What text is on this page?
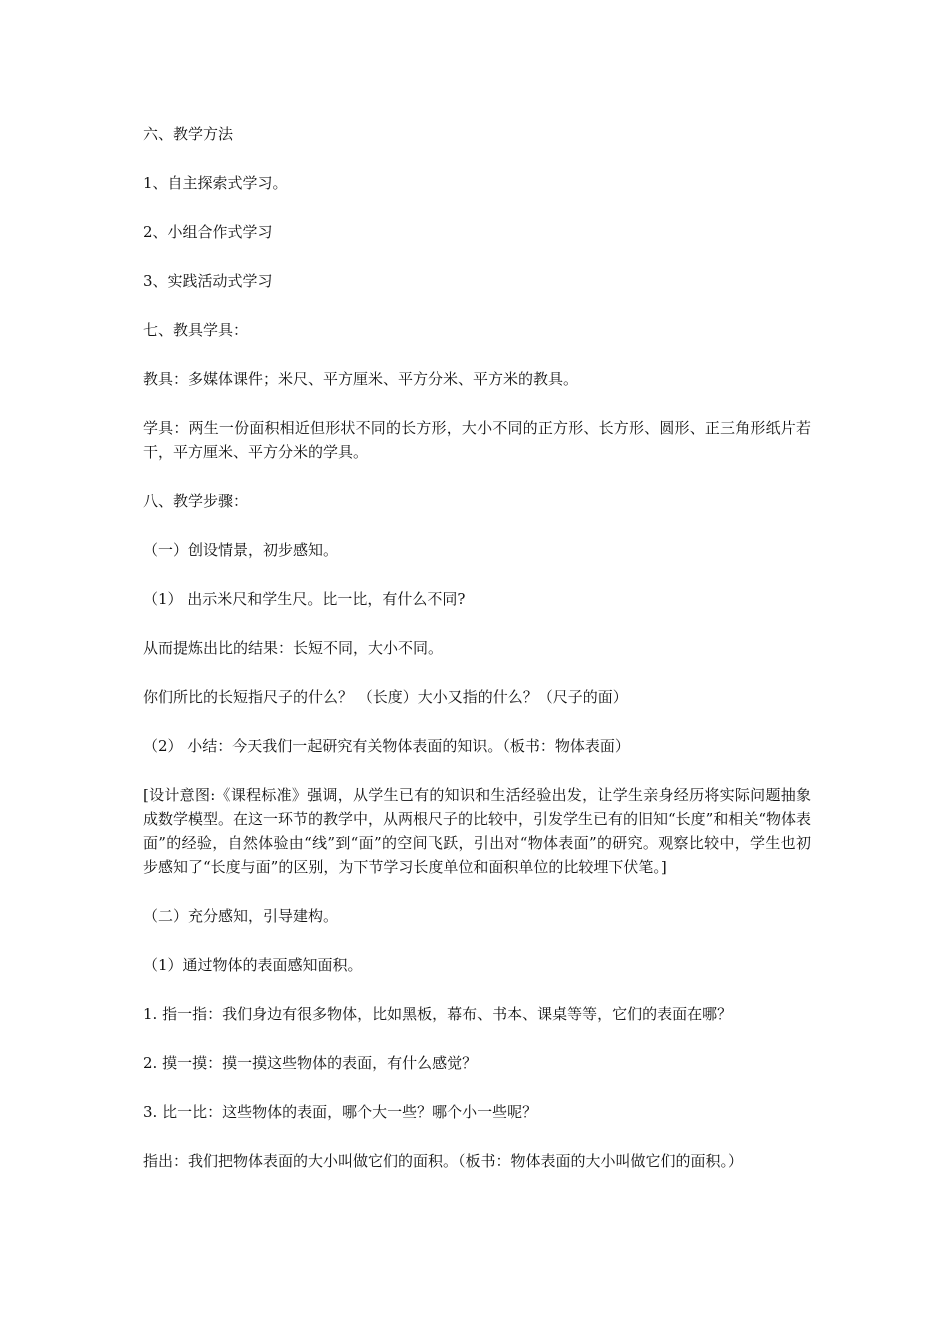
六、教学方法

1、自主探索式学习。

2、小组合作式学习

3、实践活动式学习

七、教具学具：

教具：多媒体课件；米尺、平方厘米、平方分米、平方米的教具。

学具：两生一份面积相近但形状不同的长方形，大小不同的正方形、长方形、圆形、正三角形纸片若干，平方厘米、平方分米的学具。

八、教学步骤：

（一）创设情景，初步感知。

（1） 出示米尺和学生尺。比一比，有什么不同?

从而提炼出比的结果：长短不同，大小不同。

你们所比的长短指尺子的什么？ （长度）大小又指的什么？（尺子的面）

（2） 小结：今天我们一起研究有关物体表面的知识。（板书：物体表面）

[设计意图:《课程标准》强调，从学生已有的知识和生活经验出发，让学生亲身经历将实际问题抽象成数学模型。在这一环节的教学中，从两根尺子的比较中，引发学生已有的旧知“长度”和相关“物体表面”的经验，自然体验由“线”到“面”的空间飞跃，引出对“物体表面”的研究。观察比较中，学生也初步感知了“长度与面”的区别，为下节学习长度单位和面积单位的比较埋下伏笔。]

（二）充分感知，引导建构。

（1）通过物体的表面感知面积。

1. 指一指：我们身边有很多物体，比如黑板，幕布、书本、课桌等等，它们的表面在哪？

2. 摸一摸：摸一摸这些物体的表面，有什么感觉？

3. 比一比：这些物体的表面，哪个大一些？哪个小一些呢？

指出：我们把物体表面的大小叫做它们的面积。（板书：物体表面的大小叫做它们的面积。）
